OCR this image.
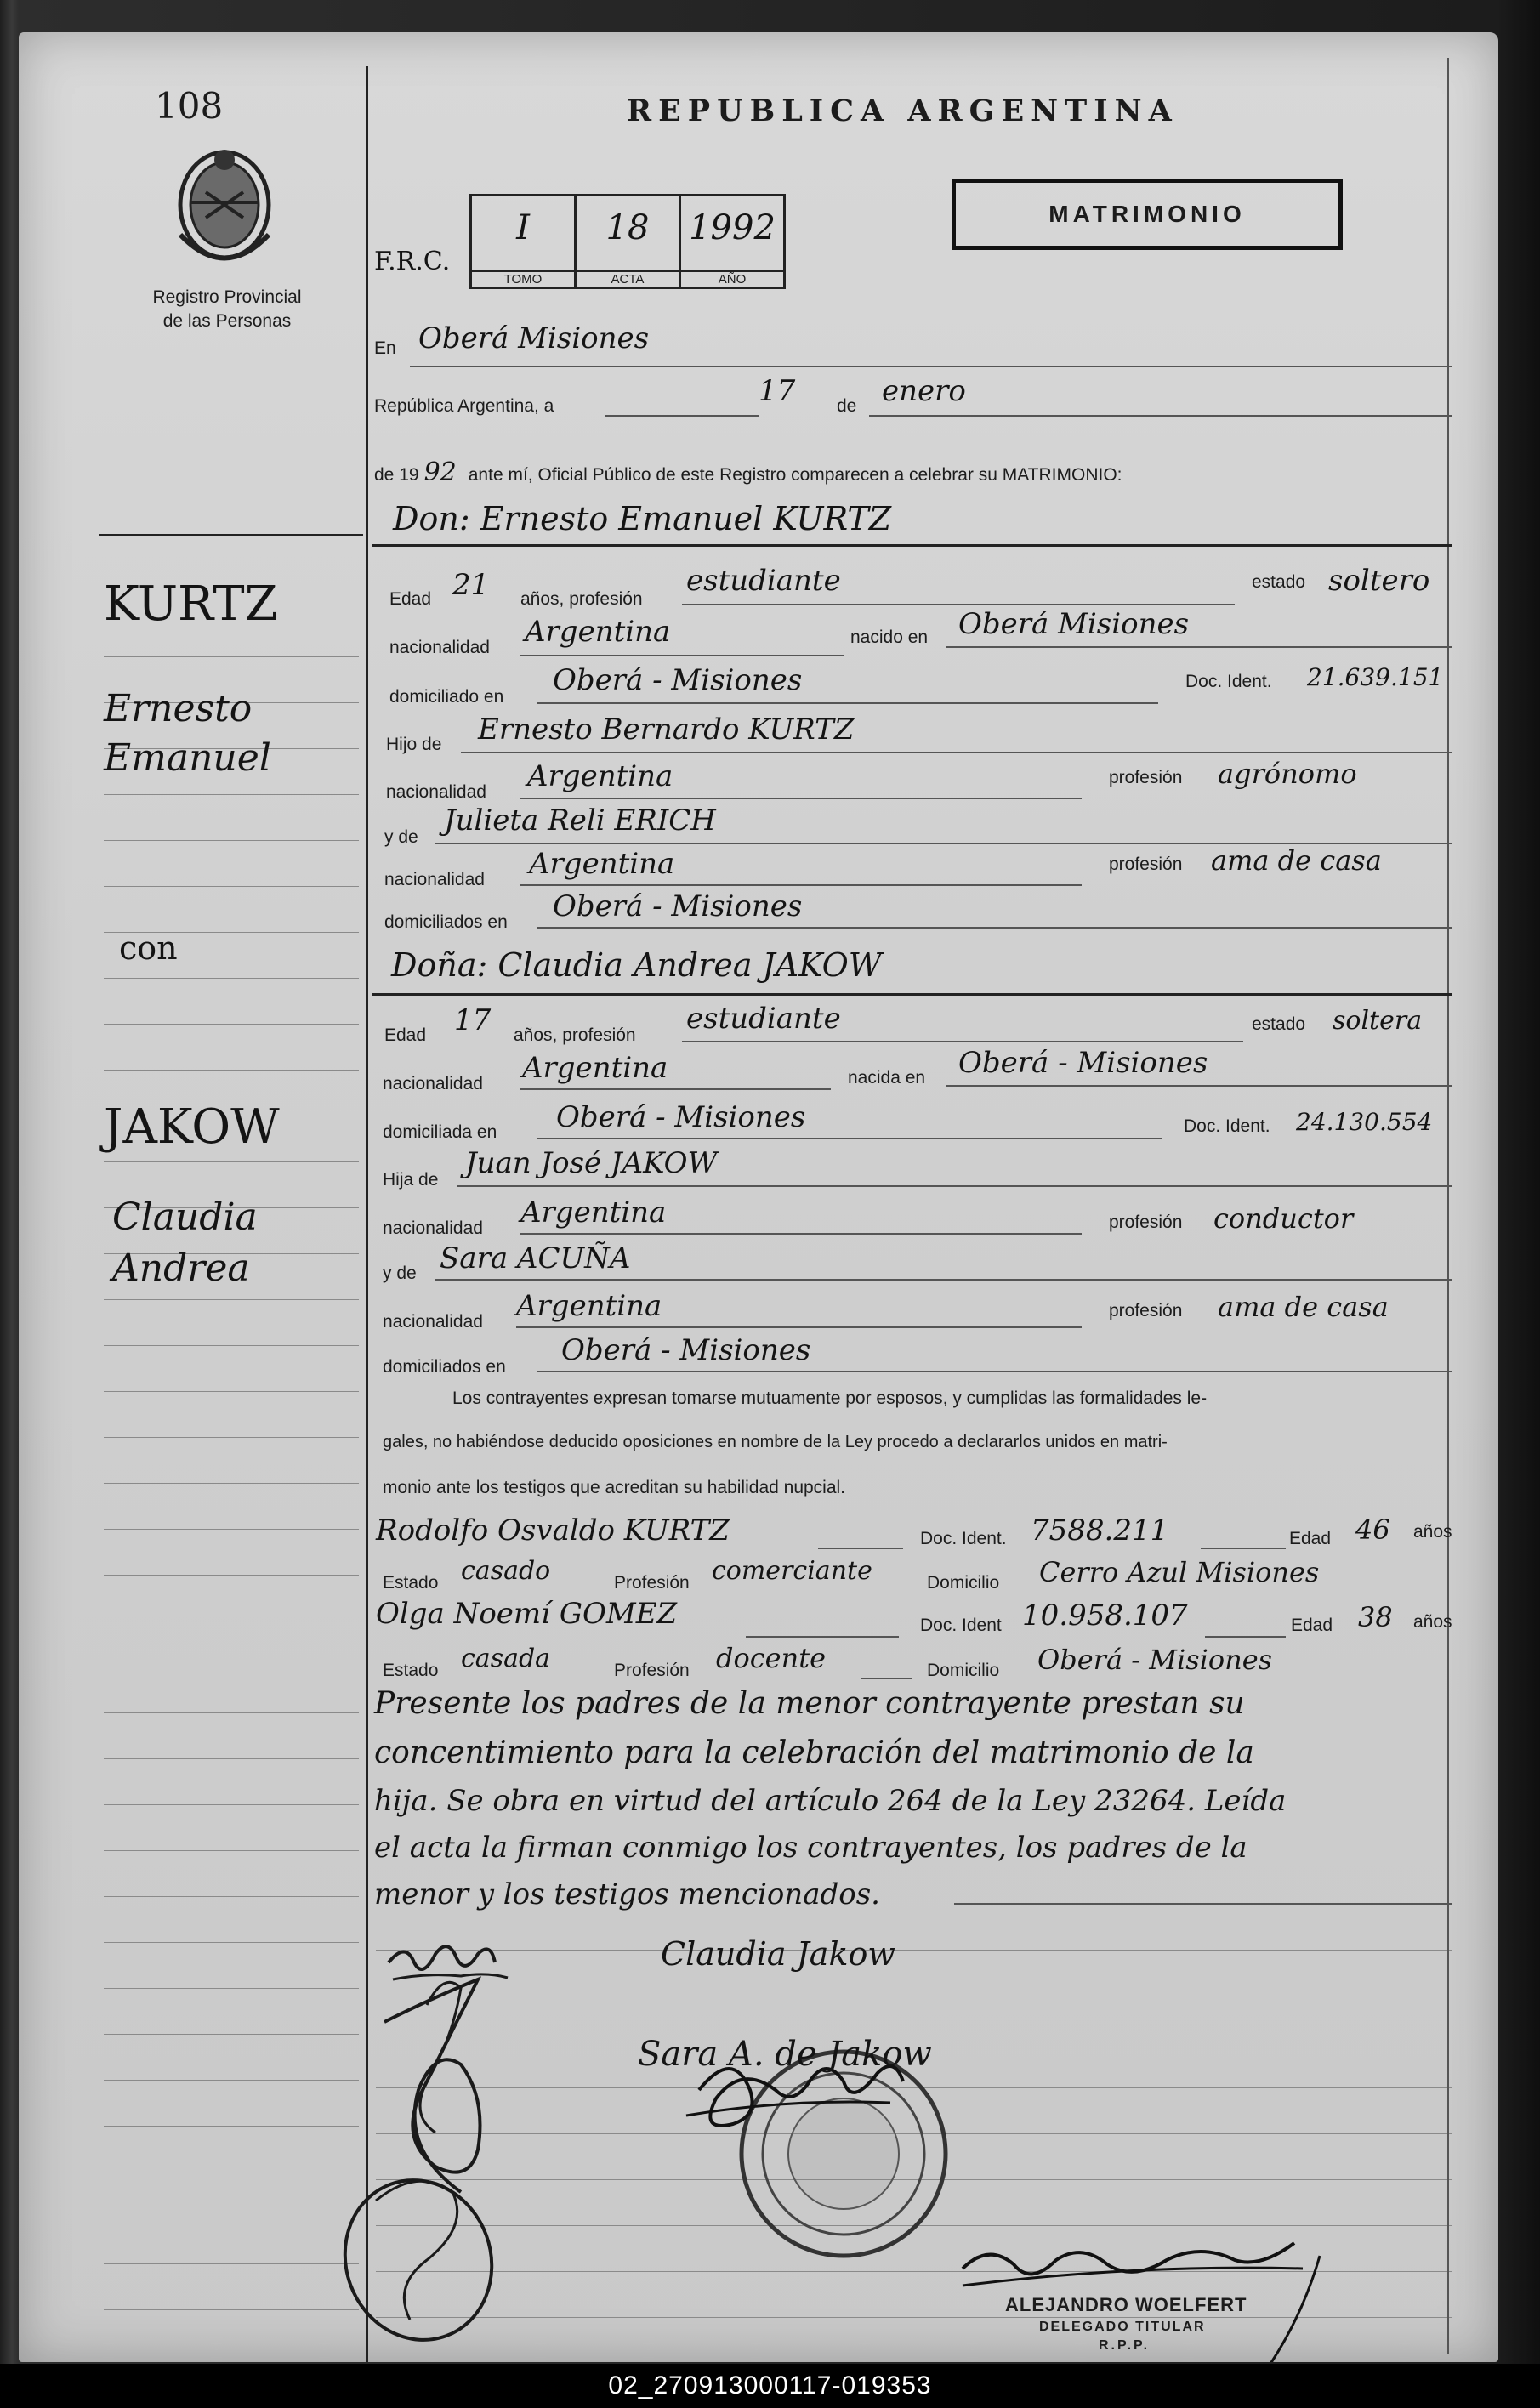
108
Registro Provincial
de las Personas
REPUBLICA ARGENTINA
MATRIMONIO
F.R.C.
I
TOMO
18
ACTA
1992
AÑO
KURTZ
Ernesto
Emanuel
con
JAKOW
Claudia
Andrea
En Oberá Misiones
República Argentina, a	17 de enero
de 19 92 ante mí, Oficial Público de este Registro comparecen a celebrar su MATRIMONIO:
Don: Ernesto Emanuel KURTZ
Edad 21 años, profesión
estudiante	estado soltero
nacionalidad Argentina	nacido en Oberá Misiones
domiciliado en Oberá - Misiones	Doc. Ident. 21.639.151
Hijo de Ernesto Bernardo KURTZ
nacionalidad Argentina	profesión agrónomo
y de Julieta Reli ERICH
nacionalidad Argentina	profesión ama de casa
domiciliados en Oberá - Misiones
Doña: Claudia Andrea JAKOW
Edad 17 años, profesión estudiante	estado soltera
nacionalidad Argentina	nacida en Oberá - Misiones
domiciliada en Oberá - Misiones	Doc. Ident. 24.130.554
Hija de Juan José JAKOW
nacionalidad Argentina	profesión conductor
y de Sara ACUÑA
nacionalidad Argentina	profesión ama de casa
domiciliados en Oberá - Misiones
Los contrayentes expresan tomarse mutuamente por esposos, y cumplidas las formalidades le-
gales, no habiéndose deducido oposiciones en nombre de la Ley procedo a declararlos unidos en matri-
monio ante los testigos que acreditan su habilidad nupcial.
Rodolfo Osvaldo KURTZ	Doc. Ident. 7588.211	Edad 46 años
Estado casado	Profesión comerciante	Domicilio Cerro Azul Misiones
Olga Noemí GOMEZ	Doc. Ident 10.958.107	Edad 38 años
Estado casada	Profesión docente	Domicilio Oberá - Misiones
Presente los padres de la menor contrayente prestan su
concentimiento para la celebración del matrimonio de la
hija. Se obra en virtud del artículo 264 de la Ley 23264. Leída
el acta la firman conmigo los contrayentes, los padres de la
menor y los testigos mencionados.
Claudia Jakow
Sara A. de Jakow
ALEJANDRO WOELFERT
DELEGADO TITULAR
R.P.P.
02_270913000117-019353
